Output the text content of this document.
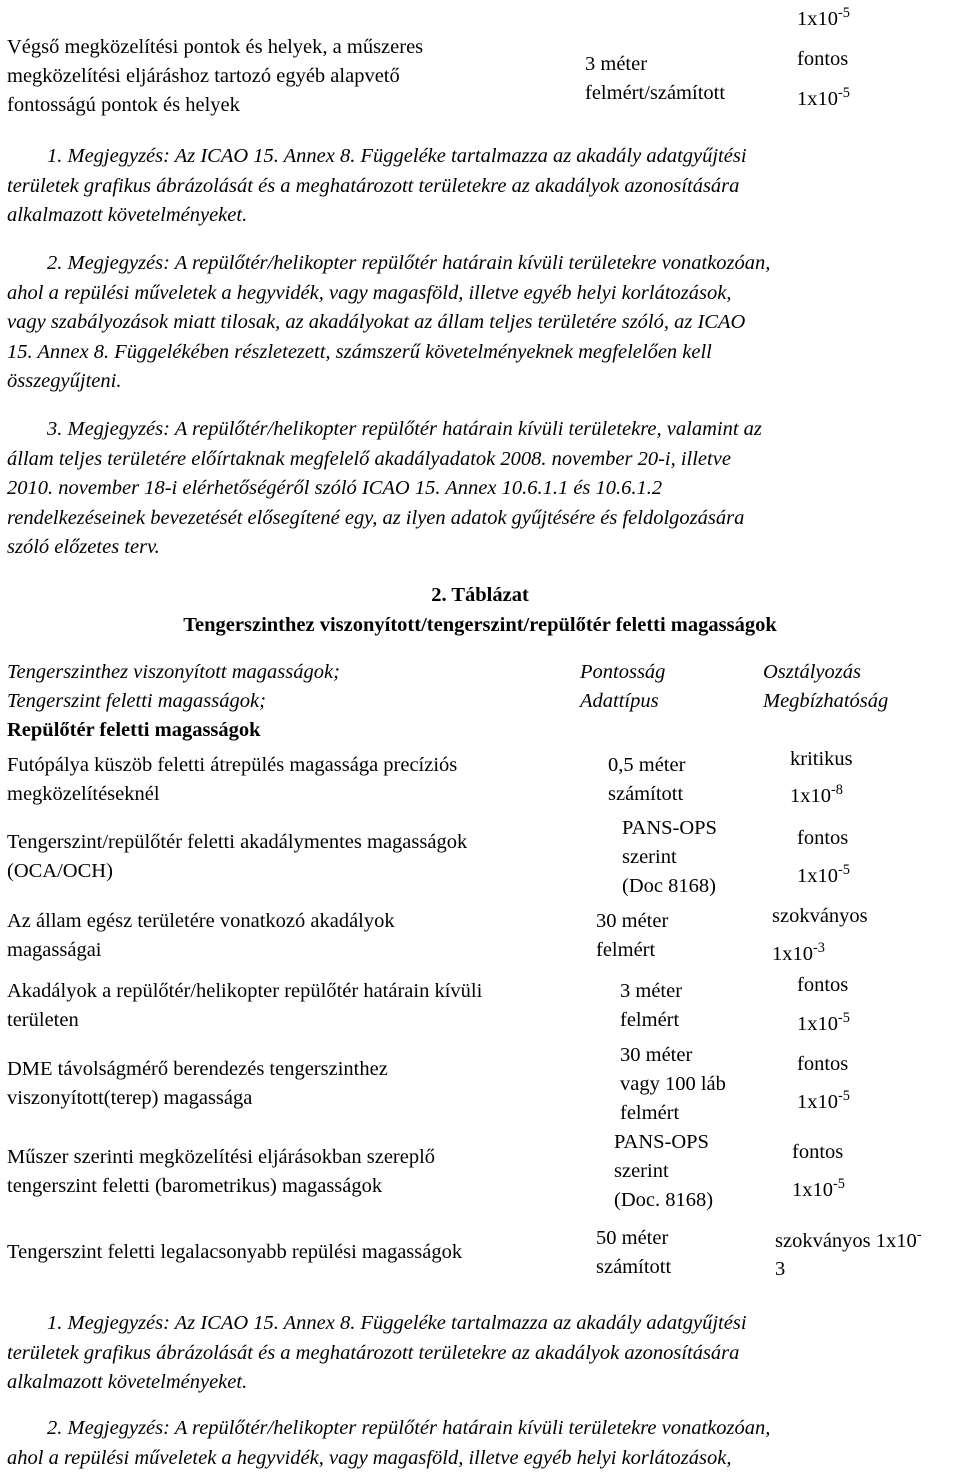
Végső megközelítési pontok és helyek, a műszeres
megközelítési eljáráshoz tartozó egyéb alapvető
fontosságú pontok és helyek
3 méter
felmért/számított
$1x10^{-5}$
fontos
$1x10^{-5}$
1. Megjegyzés: Az ICAO 15. Annex 8. Függeléke tartalmazza az akadály adatgyűjtési
területek grafikus ábrázolását és a meghatározott területekre az akadályok azonosítására
alkalmazott követelményeket.
2. Megjegyzés: A repülőtér/helikopter repülőtér határain kívüli területekre vonatkozóan,
ahol a repülési műveletek a hegyvidék, vagy magasföld, illetve egyéb helyi korlátozások,
vagy szabályozások miatt tilosak, az akadályokat az állam teljes területére szóló, az ICAO
15. Annex 8. Függelékében részletezett, számszerű követelményeknek megfelelően kell
összegyűjteni.
3. Megjegyzés: A repülőtér/helikopter repülőtér határain kívüli területekre, valamint az
állam teljes területére előírtaknak megfelelő akadályadatok 2008. november 20-i, illetve
2010. november 18-i elérhetőségéről szóló ICAO 15. Annex 10.6.1.1 és 10.6.1.2
rendelkezéseinek bevezetését elősegítené egy, az ilyen adatok gyűjtésére és feldolgozására
szóló előzetes terv.
2. Táblázat
Tengerszinthez viszonyított/tengerszint/repülőtér feletti magasságok
Tengerszinthez viszonyított magasságok;
Tengerszint feletti magasságok;
Pontosság
Adattípus
Osztályozás
Megbízhatóság
Repülőtér feletti magasságok
Futópálya küszöb feletti átrepülés magassága precíziós
megközelítéseknél
0,5 méter
számított
kritikus
$1x10^{-8}$
Tengerszint/repülőtér feletti akadálymentes magasságok
(OCA/OCH)
PANS-OPS
szerint
(Doc 8168)
fontos
$1x10^{-5}$
Az állam egész területére vonatkozó akadályok
magasságai
30 méter
felmért
szokványos
$1x10^{-3}$
Akadályok a repülőtér/helikopter repülőtér határain kívüli
területen
3 méter
felmért
fontos
$1x10^{-5}$
DME távolságmérő berendezés tengerszinthez
viszonyított(terep) magassága
30 méter
vagy 100 láb
felmért
fontos
$1x10^{-5}$
Műszer szerinti megközelítési eljárásokban szereplő
tengerszint feletti (barometrikus) magasságok
PANS-OPS
szerint
(Doc. 8168)
fontos
$1x10^{-5}$
Tengerszint feletti legalacsonyabb repülési magasságok
50 méter
számított
szokványos 1x10-
3
1. Megjegyzés: Az ICAO 15. Annex 8. Függeléke tartalmazza az akadály adatgyűjtési
területek grafikus ábrázolását és a meghatározott területekre az akadályok azonosítására
alkalmazott követelményeket.
2. Megjegyzés: A repülőtér/helikopter repülőtér határain kívüli területekre vonatkozóan,
ahol a repülési műveletek a hegyvidék, vagy magasföld, illetve egyéb helyi korlátozások,
